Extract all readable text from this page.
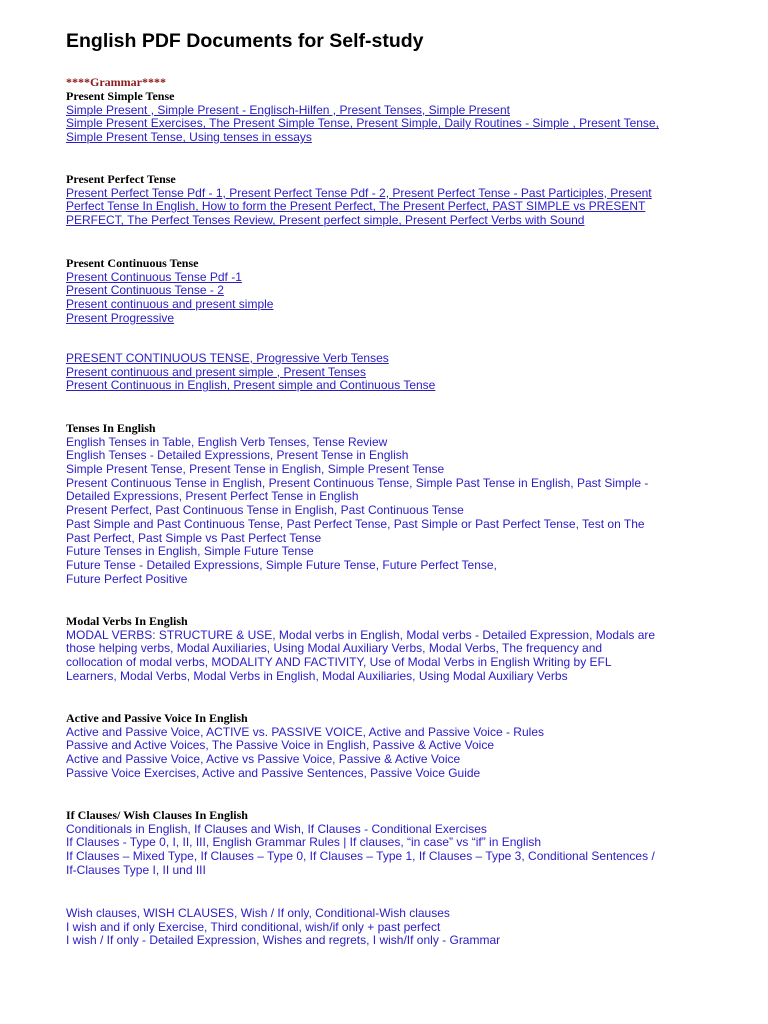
English PDF Documents for Self-study
****Grammar****
Present Simple Tense
Simple Present , Simple Present - Englisch-Hilfen , Present Tenses, Simple Present
Simple Present Exercises, The Present Simple Tense, Present Simple, Daily Routines - Simple , Present Tense,
Simple Present Tense, Using tenses in essays
Present Perfect Tense
Present Perfect Tense Pdf - 1, Present Perfect Tense Pdf - 2, Present Perfect Tense - Past Participles, Present
Perfect Tense In English, How to form the Present Perfect, The Present Perfect, PAST SIMPLE vs PRESENT
PERFECT, The Perfect Tenses Review, Present perfect simple, Present Perfect Verbs with Sound
Present Continuous Tense
Present Continuous Tense Pdf -1
Present Continuous Tense - 2
Present continuous and present simple
Present Progressive
PRESENT CONTINUOUS TENSE, Progressive Verb Tenses
Present continuous and present simple , Present Tenses
Present Continuous in English, Present simple and Continuous Tense
Tenses In English
English Tenses in Table, English Verb Tenses, Tense Review
English Tenses - Detailed Expressions, Present Tense in English
Simple Present Tense, Present Tense in English, Simple Present Tense
Present Continuous Tense in English, Present Continuous Tense, Simple Past Tense in English, Past Simple -
Detailed Expressions, Present Perfect Tense in English
Present Perfect, Past Continuous Tense in English, Past Continuous Tense
Past Simple and Past Continuous Tense, Past Perfect Tense, Past Simple or Past Perfect Tense, Test on The
Past Perfect, Past Simple vs Past Perfect Tense
Future Tenses in English, Simple Future Tense
Future Tense - Detailed Expressions, Simple Future Tense, Future Perfect Tense,
Future Perfect Positive
Modal Verbs In English
MODAL VERBS: STRUCTURE & USE, Modal verbs in English, Modal verbs - Detailed Expression, Modals are
those helping verbs, Modal Auxiliaries, Using Modal Auxiliary Verbs, Modal Verbs, The frequency and
collocation of modal verbs, MODALITY AND FACTIVITY, Use of Modal Verbs in English Writing by EFL
Learners, Modal Verbs, Modal Verbs in English, Modal Auxiliaries, Using Modal Auxiliary Verbs
Active and Passive Voice In English
Active and Passive Voice, ACTIVE vs. PASSIVE VOICE, Active and Passive Voice - Rules
Passive and Active Voices, The Passive Voice in English, Passive & Active Voice
Active and Passive Voice, Active vs Passive Voice, Passive & Active Voice
Passive Voice Exercises, Active and Passive Sentences, Passive Voice Guide
If Clauses/ Wish Clauses In English
Conditionals in English, If Clauses and Wish, If Clauses - Conditional Exercises
If Clauses - Type 0, I, II, III, English Grammar Rules | If clauses, “in case” vs “if” in English
If Clauses – Mixed Type, If Clauses – Type 0, If Clauses – Type 1, If Clauses – Type 3, Conditional Sentences /
If-Clauses Type I, II und III
Wish clauses, WISH CLAUSES, Wish / If only, Conditional-Wish clauses
I wish and if only Exercise, Third conditional, wish/if only + past perfect
I wish / If only - Detailed Expression, Wishes and regrets, I wish/If only - Grammar
